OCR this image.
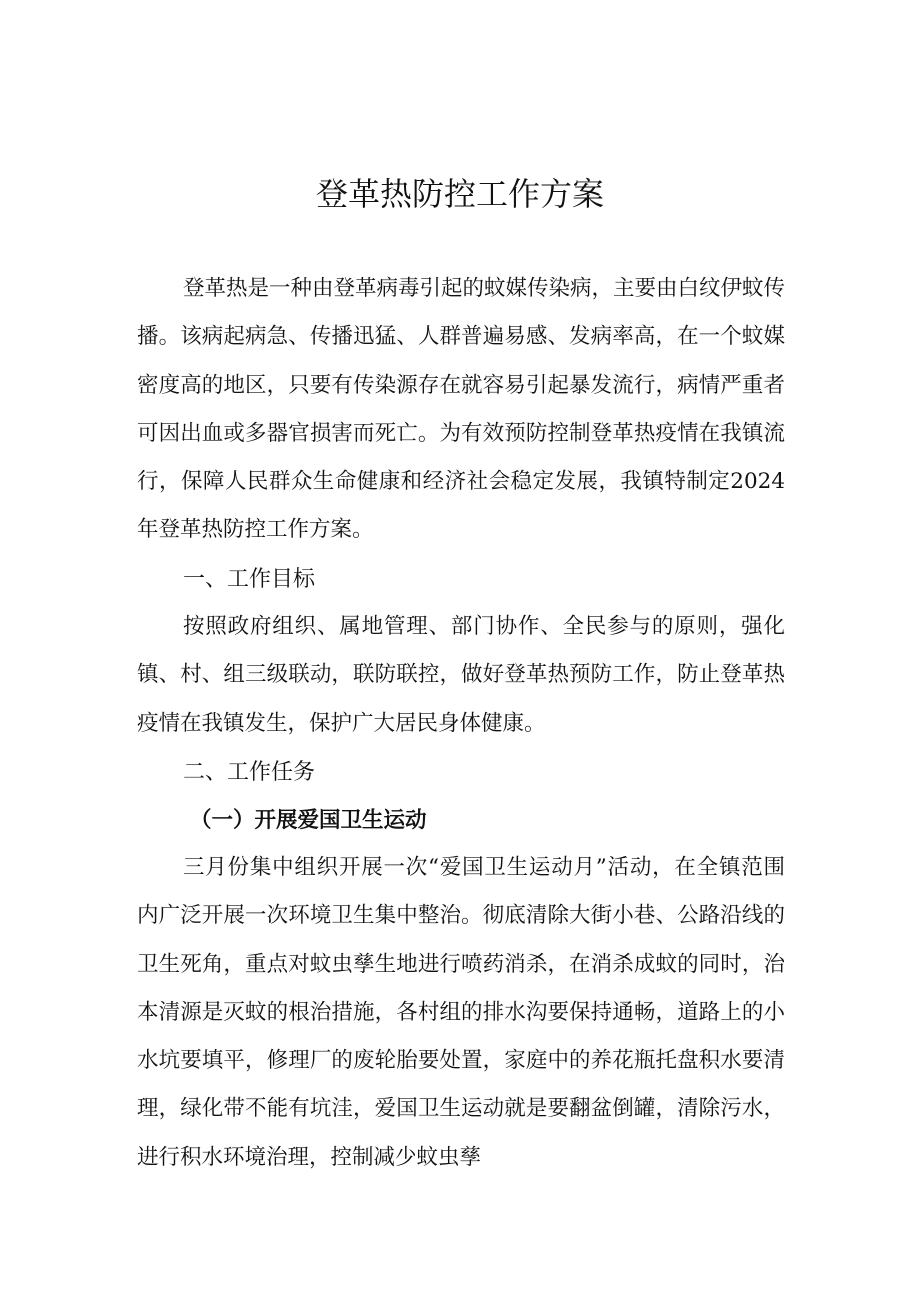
登革热防控工作方案

登革热是一种由登革病毒引起的蚊媒传染病，主要由白纹伊蚊传播。该病起病急、传播迅猛、人群普遍易感、发病率高，在一个蚊媒密度高的地区，只要有传染源存在就容易引起暴发流行，病情严重者可因出血或多器官损害而死亡。为有效预防控制登革热疫情在我镇流行，保障人民群众生命健康和经济社会稳定发展，我镇特制定2024年登革热防控工作方案。

一、工作目标

按照政府组织、属地管理、部门协作、全民参与的原则，强化镇、村、组三级联动，联防联控，做好登革热预防工作，防止登革热疫情在我镇发生，保护广大居民身体健康。

二、工作任务
（一）开展爱国卫生运动

三月份集中组织开展一次“爱国卫生运动月”活动，在全镇范围内广泛开展一次环境卫生集中整治。彻底清除大街小巷、公路沿线的卫生死角，重点对蚊虫孳生地进行喷药消杀，在消杀成蚊的同时，治本清源是灭蚊的根治措施，各村组的排水沟要保持通畅，道路上的小水坑要填平，修理厂的废轮胎要处置，家庭中的养花瓶托盘积水要清理，绿化带不能有坑洼，爱国卫生运动就是要翻盆倒罐，清除污水，进行积水环境治理，控制减少蚊虫孳
